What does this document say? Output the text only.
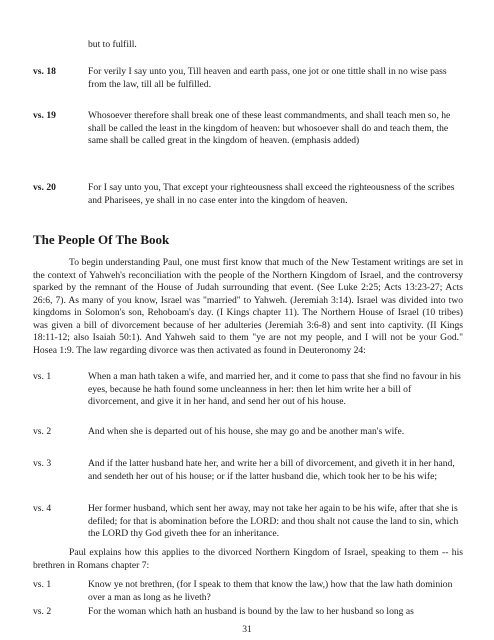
but to fulfill.
vs. 18	For verily I say unto you, Till heaven and earth pass, one jot or one tittle shall in no wise pass from the law, till all be fulfilled.
vs. 19	Whosoever therefore shall break one of these least commandments, and shall teach men so, he shall be called the least in the kingdom of heaven: but whosoever shall do and teach them, the same shall be called great in the kingdom of heaven. (emphasis added)
vs. 20	For I say unto you, That except your righteousness shall exceed the righteousness of the scribes and Pharisees, ye shall in no case enter into the kingdom of heaven.
The People Of The Book

To begin understanding Paul, one must first know that much of the New Testament writings are set in the context of Yahweh's reconciliation with the people of the Northern Kingdom of Israel, and the controversy sparked by the remnant of the House of Judah surrounding that event. (See Luke 2:25; Acts 13:23-27; Acts 26:6, 7). As many of you know, Israel was "married" to Yahweh. (Jeremiah 3:14). Israel was divided into two kingdoms in Solomon's son, Rehoboam's day. (I Kings chapter 11). The Northern House of Israel (10 tribes) was given a bill of divorcement because of her adulteries (Jeremiah 3:6-8) and sent into captivity. (II Kings 18:11-12; also Isaiah 50:1). And Yahweh said to them "ye are not my people, and I will not be your God." Hosea 1:9. The law regarding divorce was then activated as found in Deuteronomy 24:

vs. 1	When a man hath taken a wife, and married her, and it come to pass that she find no favour in his eyes, because he hath found some uncleanness in her: then let him write her a bill of divorcement, and give it in her hand, and send her out of his house.
vs. 2	And when she is departed out of his house, she may go and be another man's wife.
vs. 3	And if the latter husband hate her, and write her a bill of divorcement, and giveth it in her hand, and sendeth her out of his house; or if the latter husband die, which took her to be his wife;
vs. 4	Her former husband, which sent her away, may not take her again to be his wife, after that she is defiled; for that is abomination before the LORD: and thou shalt not cause the land to sin, which the LORD thy God giveth thee for an inheritance.

Paul explains how this applies to the divorced Northern Kingdom of Israel, speaking to them -- his brethren in Romans chapter 7:

vs. 1	Know ye not brethren, (for I speak to them that know the law,) how that the law hath dominion over a man as long as he liveth?
vs. 2	For the woman which hath an husband is bound by the law to her husband so long as
31
